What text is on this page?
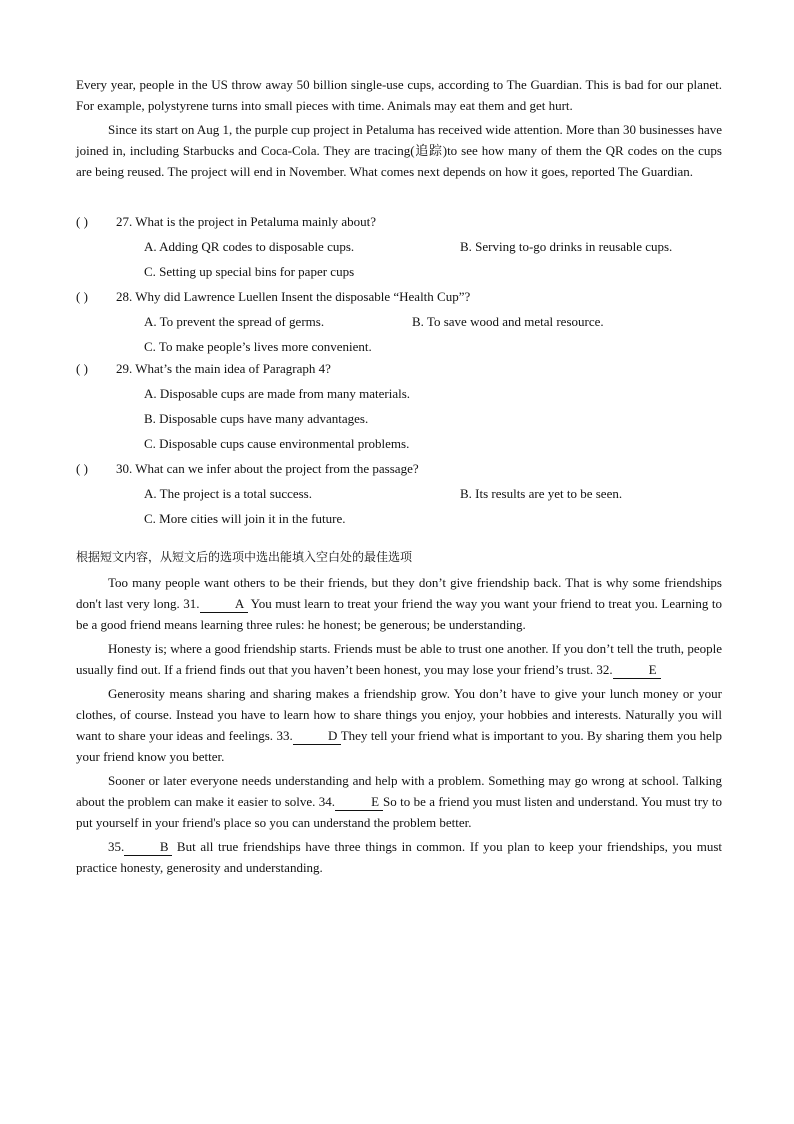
Every year, people in the US throw away 50 billion single-use cups, according to The Guardian. This is bad for our planet. For example, polystyrene turns into small pieces with time. Animals may eat them and get hurt.

Since its start on Aug 1, the purple cup project in Petaluma has received wide attention. More than 30 businesses have joined in, including Starbucks and Coca-Cola. They are tracing(追踪)to see how many of them the QR codes on the cups are being reused. The project will end in November. What comes next depends on how it goes, reported The Guardian.

( )	27. What is the project in Petaluma mainly about?
A. Adding QR codes to disposable cups.	B. Serving to-go drinks in reusable cups.
C. Setting up special bins for paper cups
( )	28. Why did Lawrence Luellen Insent the disposable “Health Cup”?
A. To prevent the spread of germs.	B. To save wood and metal resource.
C. To make people’s lives more convenient.
( )	29. What’s the main idea of Paragraph 4?
A. Disposable cups are made from many materials.
B. Disposable cups have many advantages.
C. Disposable cups cause environmental problems.
( )	30. What can we infer about the project from the passage?
A. The project is a total success.	B. Its results are yet to be seen.
C. More cities will join it in the future.
根据短文内容，从短文后的选项中选出能填入空白处的最佳选项

Too many people want others to be their friends, but they don’t give friendship back. That is why some friendships don't last very long. 31.	A You must learn to treat your friend the way you want your friend to treat you. Learning to be a good friend means learning three rules: he honest; be generous; be understanding.

Honesty is; where a good friendship starts. Friends must be able to trust one another. If you don’t tell the truth, people usually find out. If a friend finds out that you haven’t been honest, you may lose your friend’s trust. 32.	E

Generosity means sharing and sharing makes a friendship grow. You don’t have to give your lunch money or your clothes, of course. Instead you have to learn how to share things you enjoy, your hobbies and interests. Naturally you will want to share your ideas and feelings. 33.	D They tell your friend what is important to you. By sharing them you help your friend know you better.

Sooner or later everyone needs understanding and help with a problem. Something may go wrong at school. Talking about the problem can make it easier to solve. 34.	E So to be a friend you must listen and understand. You must try to put yourself in your friend's place so you can understand the problem better.

35.	B But all true friendships have three things in common. If you plan to keep your friendships, you must practice honesty, generosity and understanding.
